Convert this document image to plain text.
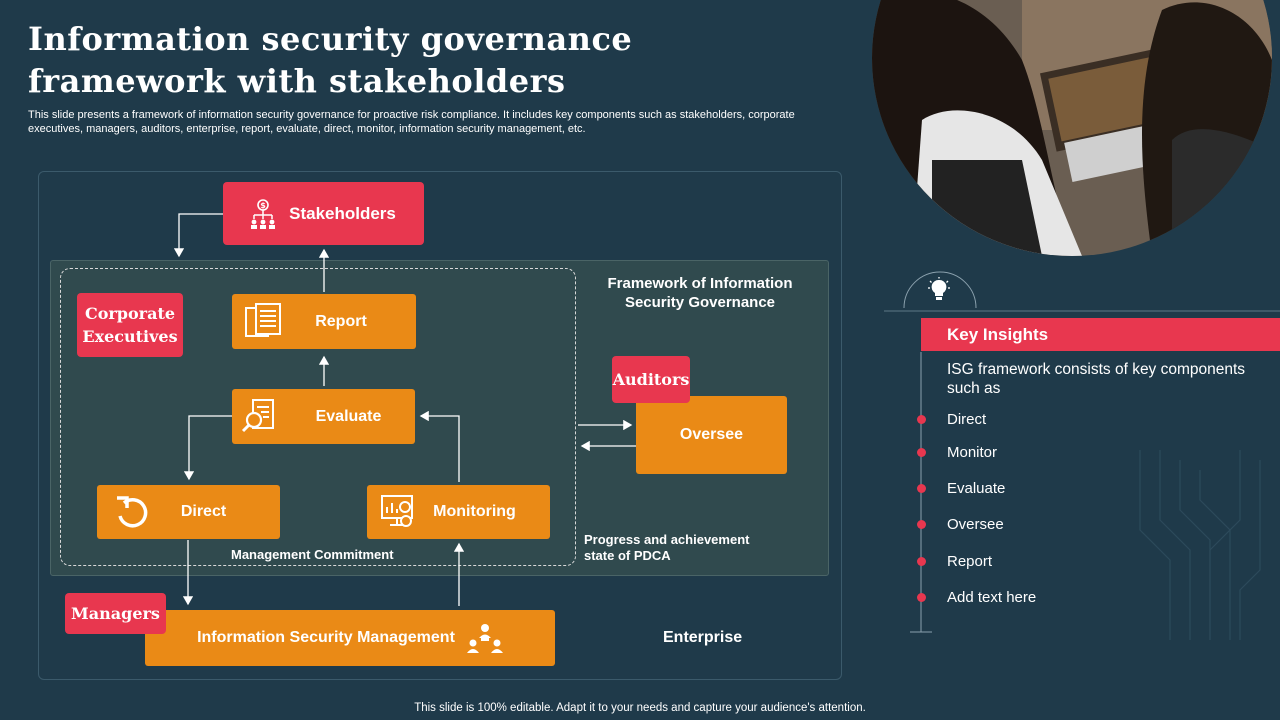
Information security governance framework with stakeholders
This slide presents a framework of information security governance for proactive risk compliance. It includes key components such as stakeholders, corporate executives, managers, auditors, enterprise, report, evaluate, direct, monitor, information security management, etc.
$ Stakeholders
Corporate Executives
Report
Evaluate
Direct	Monitoring
Management Commitment
Framework of Information Security Governance
Oversee
Auditors
Progress and achievement state of PDCA
Information Security Management
Managers
Enterprise
Key Insights
ISG framework consists of key components such as
Direct
Monitor
Evaluate
Oversee
Report
Add text here
This slide is 100% editable. Adapt it to your needs and capture your audience's attention.
